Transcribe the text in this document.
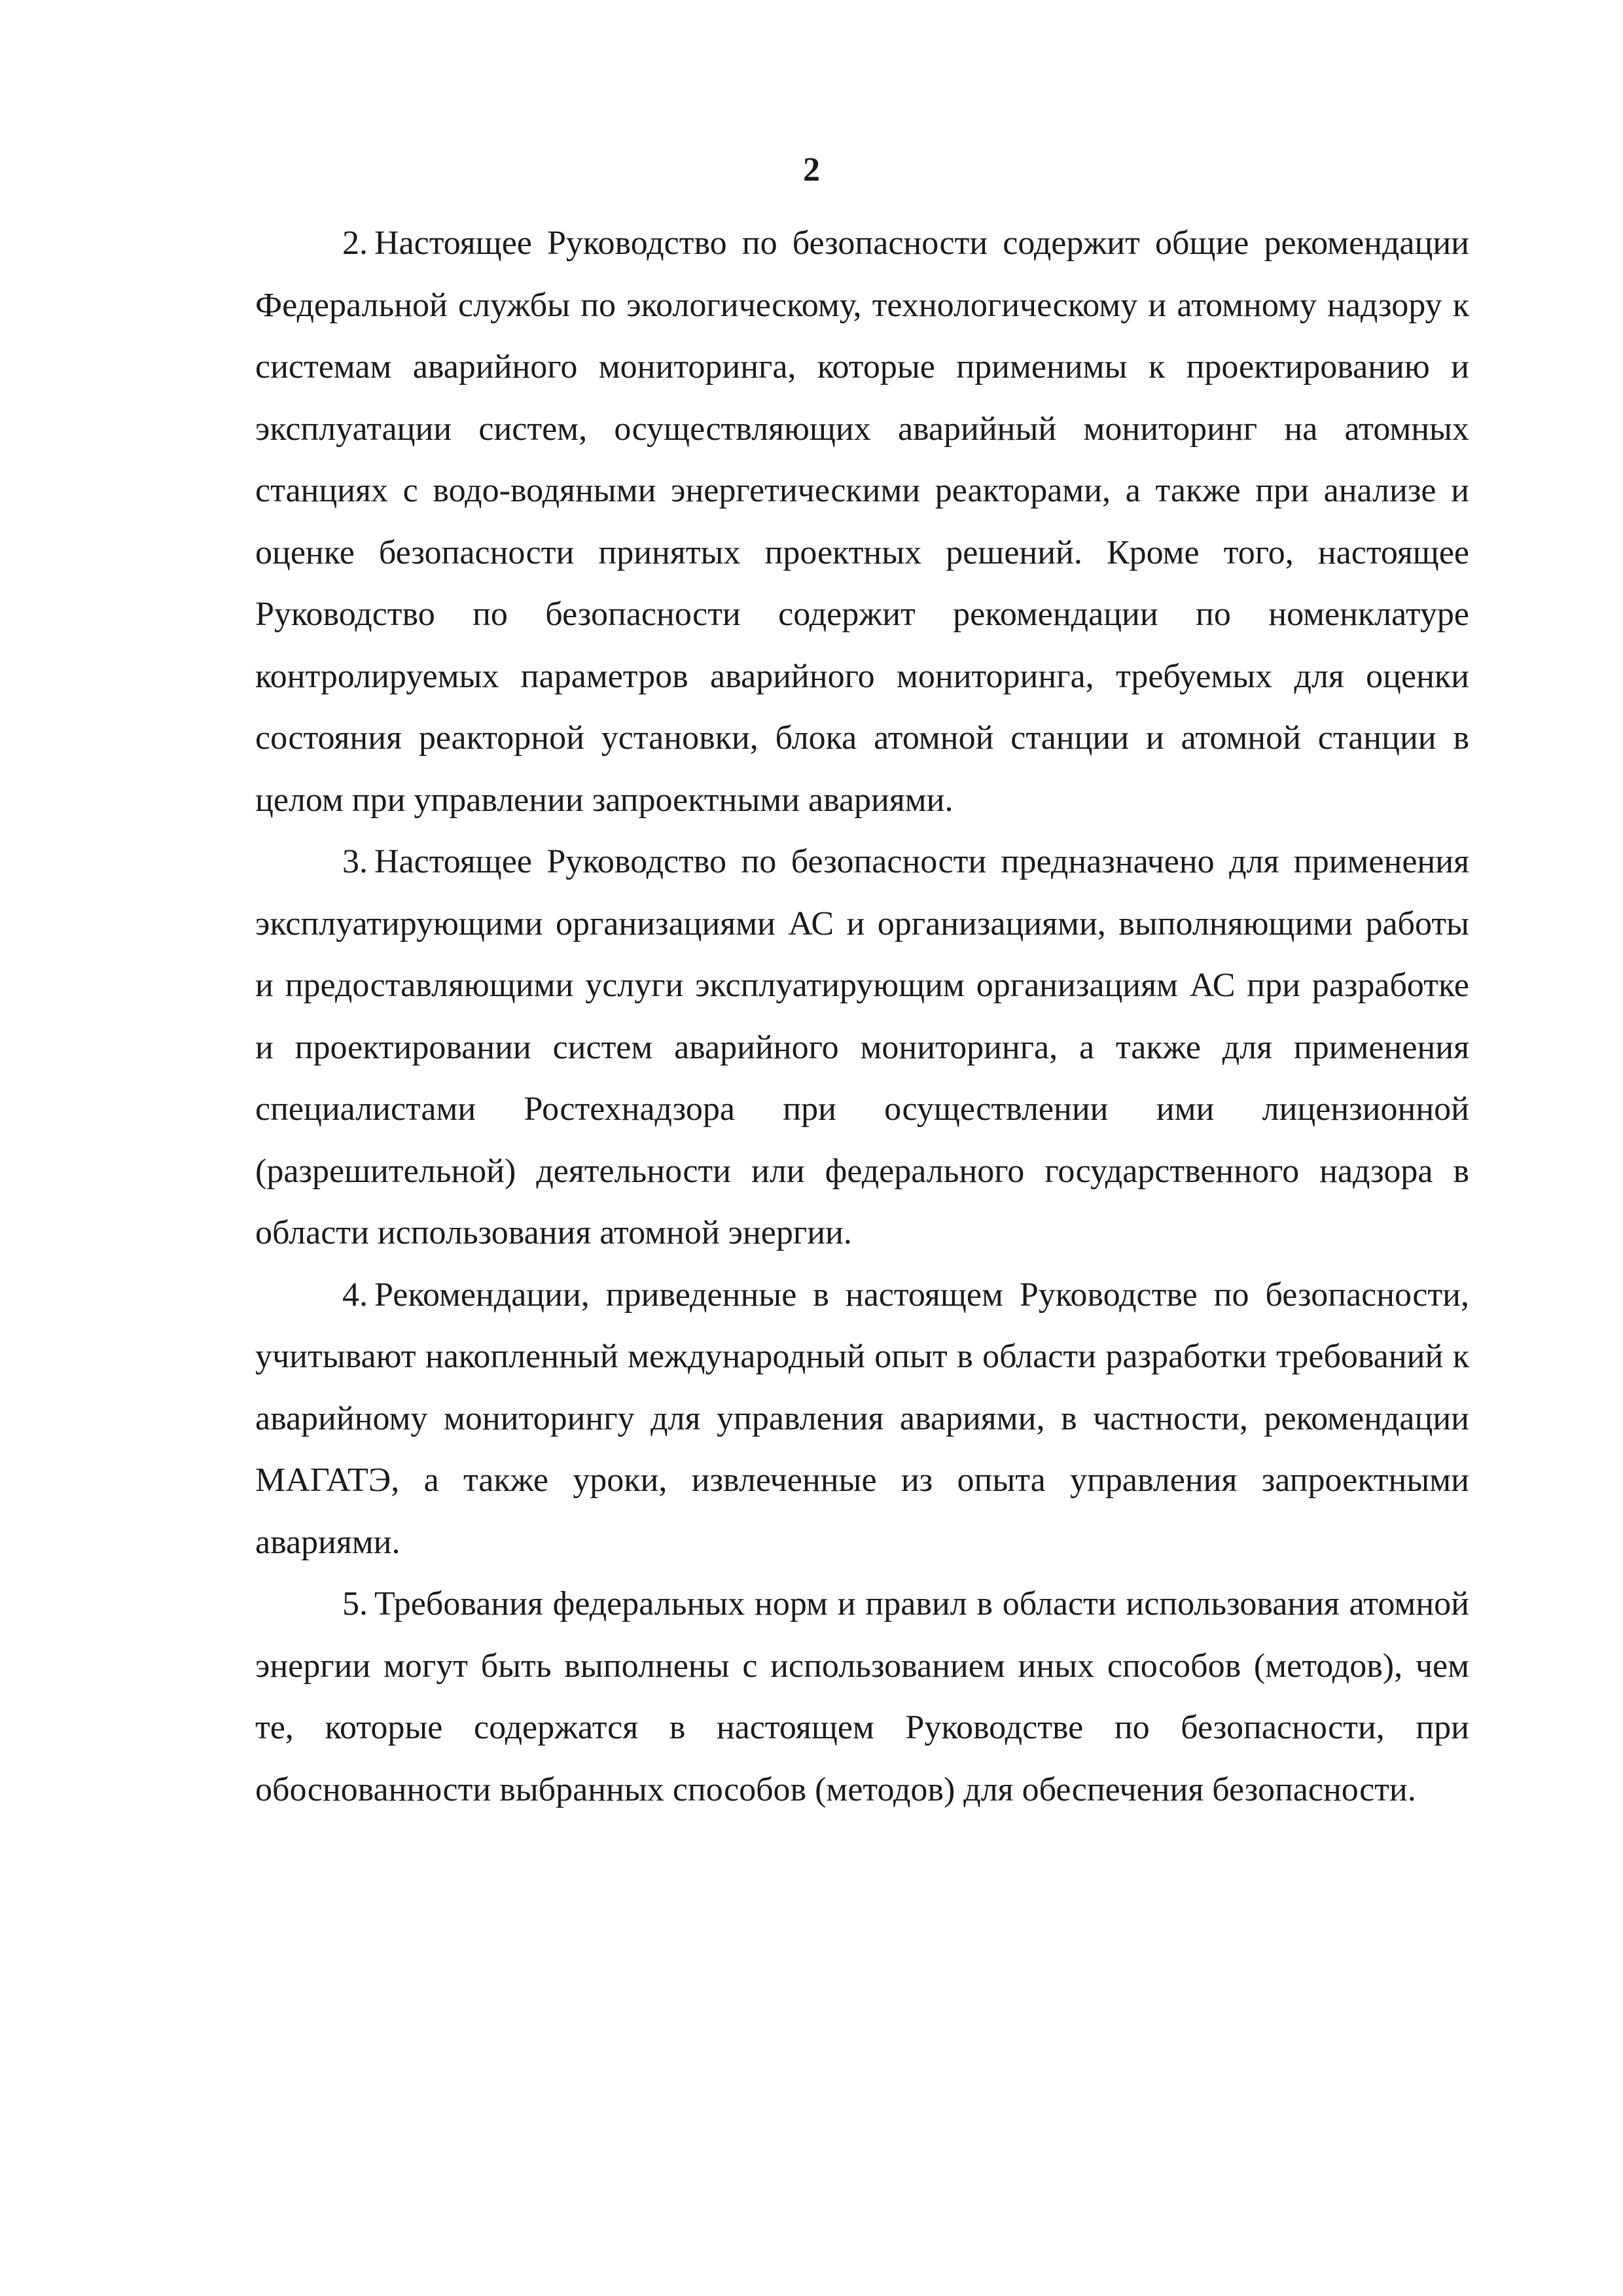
2

2. Настоящее Руководство по безопасности содержит общие рекомендации Федеральной службы по экологическому, технологическому и атомному надзору к системам аварийного мониторинга, которые применимы к проектированию и эксплуатации систем, осуществляющих аварийный мониторинг на атомных станциях с водо-водяными энергетическими реакторами, а также при анализе и оценке безопасности принятых проектных решений. Кроме того, настоящее Руководство по безопасности содержит рекомендации по номенклатуре контролируемых параметров аварийного мониторинга, требуемых для оценки состояния реакторной установки, блока атомной станции и атомной станции в целом при управлении запроектными авариями.

3. Настоящее Руководство по безопасности предназначено для применения эксплуатирующими организациями АС и организациями, выполняющими работы и предоставляющими услуги эксплуатирующим организациям АС при разработке и проектировании систем аварийного мониторинга, а также для применения специалистами Ростехнадзора при осуществлении ими лицензионной (разрешительной) деятельности или федерального государственного надзора в области использования атомной энергии.

4. Рекомендации, приведенные в настоящем Руководстве по безопасности, учитывают накопленный международный опыт в области разработки требований к аварийному мониторингу для управления авариями, в частности, рекомендации МАГАТЭ, а также уроки, извлеченные из опыта управления запроектными авариями.

5. Требования федеральных норм и правил в области использования атомной энергии могут быть выполнены с использованием иных способов (методов), чем те, которые содержатся в настоящем Руководстве по безопасности, при обоснованности выбранных способов (методов) для обеспечения безопасности.
